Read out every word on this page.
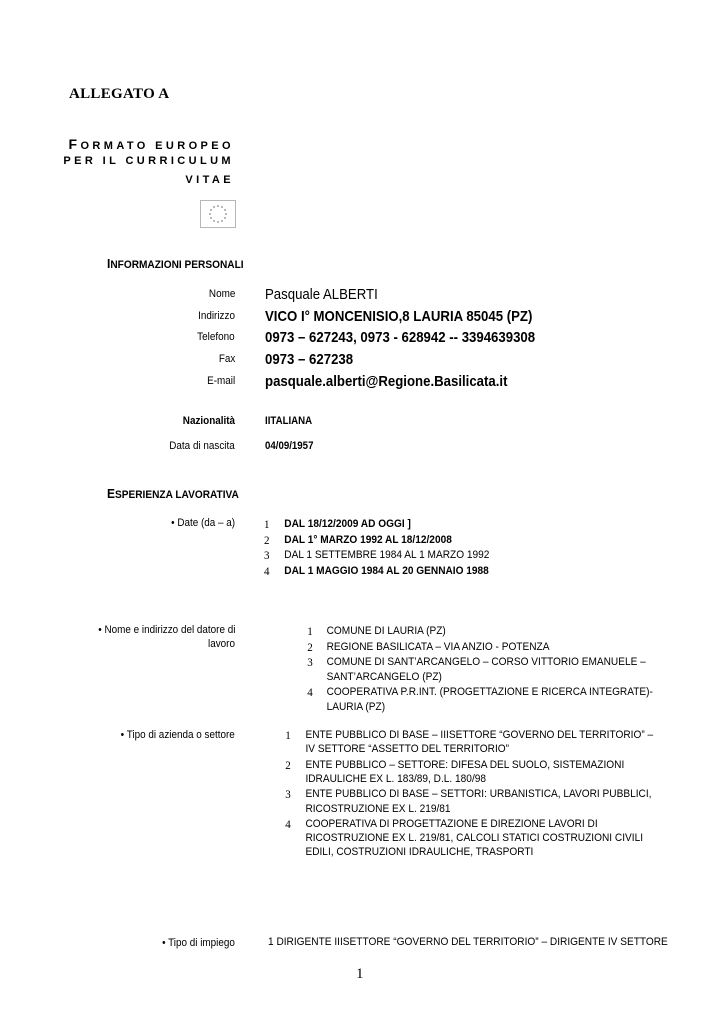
ALLEGATO A
FORMATO EUROPEO
PER IL CURRICULUM
VITAE
INFORMAZIONI PERSONALI
Nome Pasquale ALBERTI
Indirizzo VICO I° MONCENISIO,8 LAURIA 85045 (PZ)
Telefono 0973 – 627243, 0973 - 628942 -- 3394639308
Fax 0973 – 627238
E-mail pasquale.alberti@Regione.Basilicata.it
Nazionalità	IITALIANA
Data di nascita	04/09/1957
ESPERIENZA LAVORATIVA
• Date (da – a) 1 DAL 18/12/2009 AD OGGI ]
2 DAL 1° MARZO 1992 AL 18/12/2008
3 DAL 1 SETTEMBRE 1984 AL 1 MARZO 1992
4 DAL 1 MAGGIO 1984 AL 20 GENNAIO 1988
• Nome e indirizzo del datore di
lavoro
1 COMUNE DI LAURIA (PZ)
2 REGIONE BASILICATA – VIA ANZIO - POTENZA
3 COMUNE DI SANT’ARCANGELO – CORSO VITTORIO EMANUELE –
SANT’ARCANGELO (PZ)
4 COOPERATIVA P.R.INT. (PROGETTAZIONE E RICERCA INTEGRATE)-
LAURIA (PZ)
• Tipo di azienda o settore	1 ENTE PUBBLICO DI BASE – IIISETTORE “GOVERNO DEL TERRITORIO” –
IV SETTORE “ASSETTO DEL TERRITORIO”
2 ENTE PUBBLICO – SETTORE: DIFESA DEL SUOLO, SISTEMAZIONI
IDRAULICHE EX L. 183/89, D.L. 180/98
3 ENTE PUBBLICO DI BASE – SETTORI: URBANISTICA, LAVORI PUBBLICI,
RICOSTRUZIONE EX L. 219/81
4 COOPERATIVA DI PROGETTAZIONE E DIREZIONE LAVORI DI
RICOSTRUZIONE EX L. 219/81, CALCOLI STATICI COSTRUZIONI CIVILI
EDILI, COSTRUZIONI IDRAULICHE, TRASPORTI
• Tipo di impiego	1 DIRIGENTE IIISETTORE “GOVERNO DEL TERRITORIO” – DIRIGENTE IV SETTORE
1
